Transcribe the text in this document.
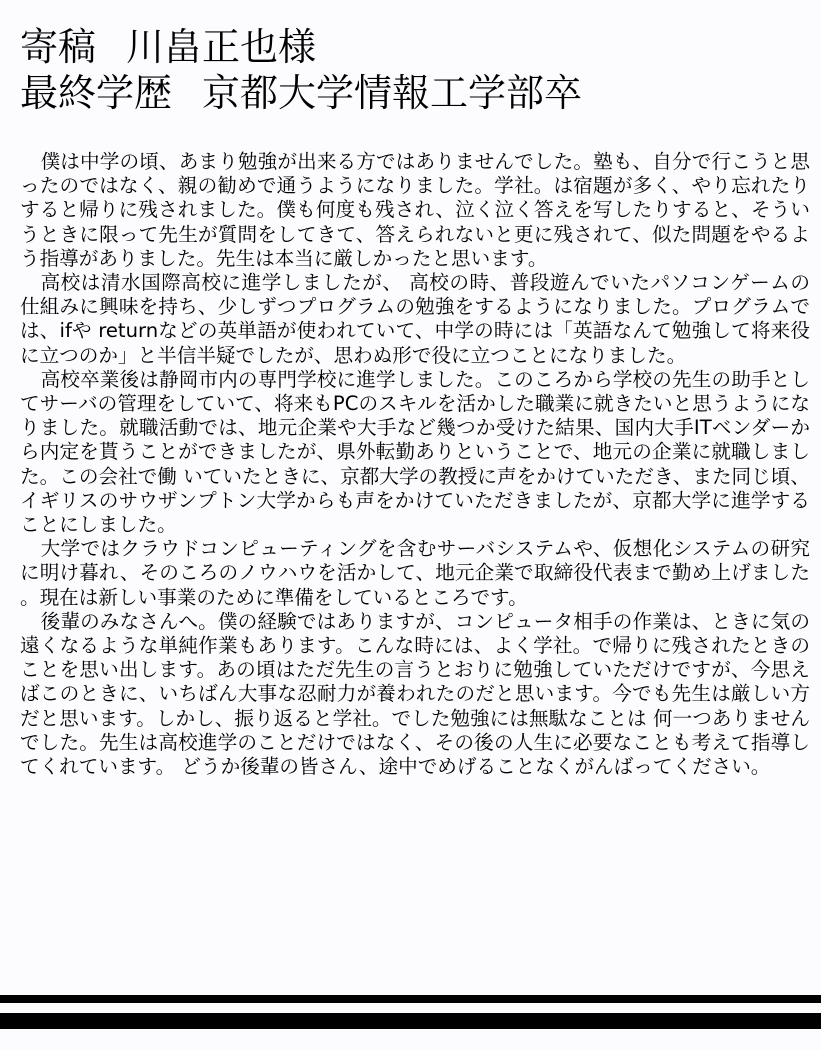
寄稿 川畠正也様
最終学歴 京都大学情報工学部卒

僕は中学の頃、あまり勉強が出来る方ではありませんでした。塾も、自分で行こうと思ったのではなく、親の勧めで通うようになりました。学社。は宿題が多く、やり忘れたりすると帰りに残されました。僕も何度も残され、泣く泣く答えを写したりすると、そういうときに限って先生が質問をしてきて、答えられないと更に残されて、似た問題をやるよう指導がありました。先生は本当に厳しかったと思います。

高校は清水国際高校に進学しましたが、 高校の時、普段遊んでいたパソコンゲームの仕組みに興味を持ち、少しずつプログラムの勉強をするようになりました。プログラムでは、ifや returnなどの英単語が使われていて、中学の時には「英語なんて勉強して将来役に立つのか」と半信半疑でしたが、思わぬ形で役に立つことになりました。

高校卒業後は静岡市内の専門学校に進学しました。このころから学校の先生の助手としてサーバの管理をしていて、将来もPCのスキルを活かした職業に就きたいと思うようになりました。就職活動では、地元企業や大手など幾つか受けた結果、国内大手ITベンダーから内定を貰うことができましたが、県外転勤ありということで、地元の企業に就職しました。この会社で働 いていたときに、京都大学の教授に声をかけていただき、また同じ頃、イギリスのサウザンプトン大学からも声をかけていただきましたが、京都大学に進学することにしました。

大学ではクラウドコンピューティングを含むサーバシステムや、仮想化システムの研究に明け暮れ、そのころのノウハウを活かして、地元企業で取締役代表まで勤め上げました。現在は新しい事業のために準備をしているところです。

後輩のみなさんへ。僕の経験ではありますが、コンピュータ相手の作業は、ときに気の遠くなるような単純作業もあります。こんな時には、よく学社。で帰りに残されたときのことを思い出します。あの頃はただ先生の言うとおりに勉強していただけですが、今思えばこのときに、いちばん大事な忍耐力が養われたのだと思います。今でも先生は厳しい方だと思います。しかし、振り返ると学社。でした勉強には無駄なことは 何一つありませんでした。先生は高校進学のことだけではなく、その後の人生に必要なことも考えて指導してくれています。 どうか後輩の皆さん、途中でめげることなくがんばってください。
